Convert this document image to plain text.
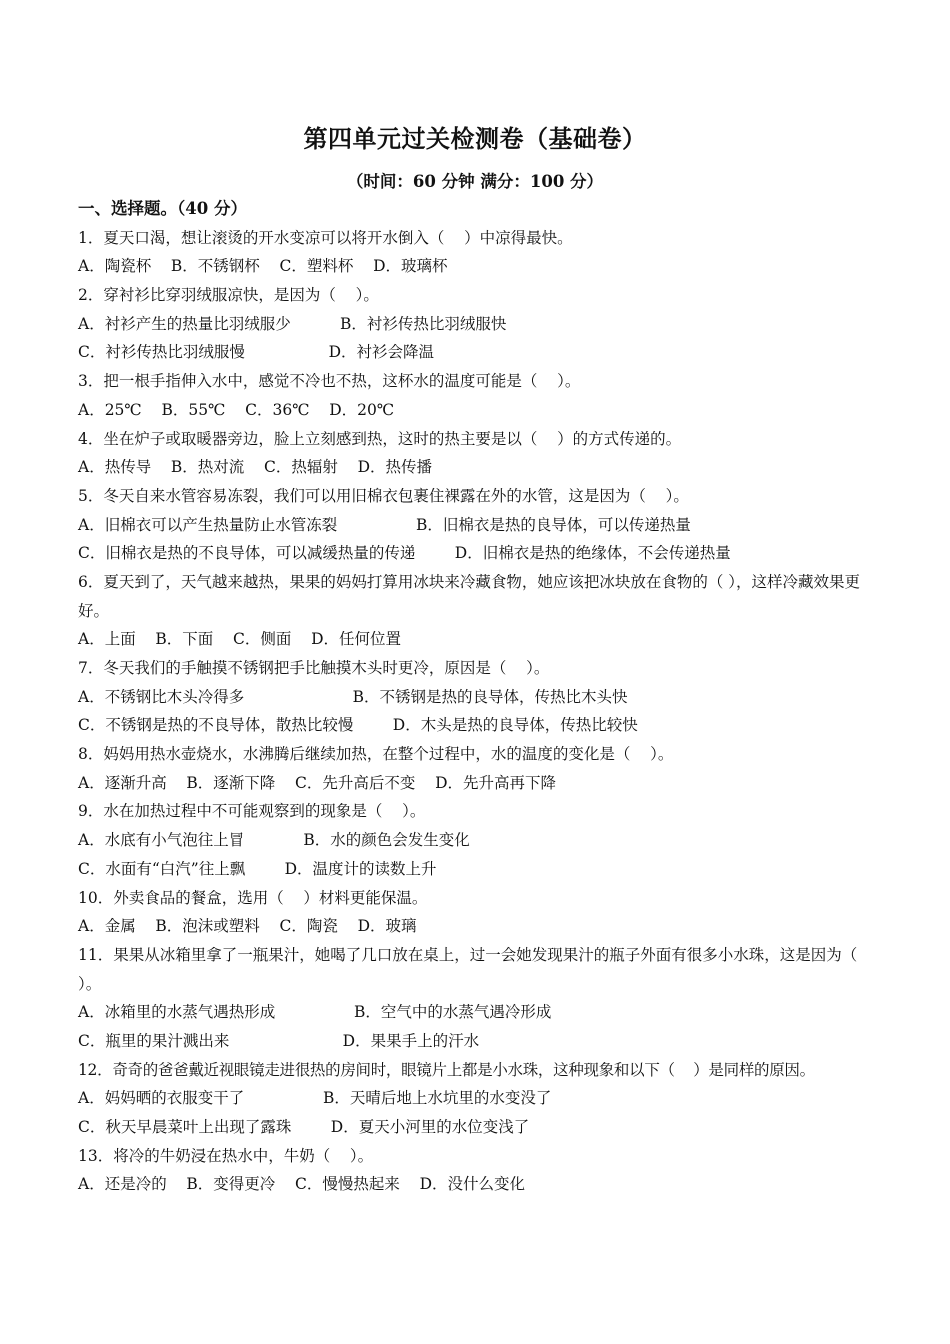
第四单元过关检测卷（基础卷）
（时间：60 分钟 满分：100 分）
一、选择题。（40 分）
1．夏天口渴，想让滚烫的开水变凉可以将开水倒入（    ）中凉得最快。
A．陶瓷杯    B．不锈钢杯    C．塑料杯    D．玻璃杯
2．穿衬衫比穿羽绒服凉快，是因为（    ）。
A．衬衫产生的热量比羽绒服少          B．衬衫传热比羽绒服快
C．衬衫传热比羽绒服慢                 D．衬衫会降温
3．把一根手指伸入水中，感觉不冷也不热，这杯水的温度可能是（    ）。
A．25℃    B．55℃    C．36℃    D．20℃
4．坐在炉子或取暖器旁边，脸上立刻感到热，这时的热主要是以（    ）的方式传递的。
A．热传导    B．热对流    C．热辐射    D．热传播
5．冬天自来水管容易冻裂，我们可以用旧棉衣包裹住裸露在外的水管，这是因为（    ）。
A．旧棉衣可以产生热量防止水管冻裂                B．旧棉衣是热的良导体，可以传递热量
C．旧棉衣是热的不良导体，可以减缓热量的传递        D．旧棉衣是热的绝缘体，不会传递热量
6．夏天到了，天气越来越热，果果的妈妈打算用冰块来冷藏食物，她应该把冰块放在食物的（ ），这样冷藏效果更好。
A．上面    B．下面    C．侧面    D．任何位置
7．冬天我们的手触摸不锈钢把手比触摸木头时更冷，原因是（    ）。
A．不锈钢比木头冷得多                      B．不锈钢是热的良导体，传热比木头快
C．不锈钢是热的不良导体，散热比较慢        D．木头是热的良导体，传热比较快
8．妈妈用热水壶烧水，水沸腾后继续加热，在整个过程中，水的温度的变化是（    ）。
A．逐渐升高    B．逐渐下降    C．先升高后不变    D．先升高再下降
9．水在加热过程中不可能观察到的现象是（    ）。
A．水底有小气泡往上冒            B．水的颜色会发生变化
C．水面有“白汽”往上飘        D．温度计的读数上升
10．外卖食品的餐盒，选用（    ）材料更能保温。
A．金属    B．泡沫或塑料    C．陶瓷    D．玻璃
11．果果从冰箱里拿了一瓶果汁，她喝了几口放在桌上，过一会她发现果汁的瓶子外面有很多小水珠，这是因为（ ）。
A．冰箱里的水蒸气遇热形成                B．空气中的水蒸气遇冷形成
C．瓶里的果汁溅出来                       D．果果手上的汗水
12．奇奇的爸爸戴近视眼镜走进很热的房间时，眼镜片上都是小水珠，这种现象和以下（    ）是同样的原因。
A．妈妈晒的衣服变干了                B．天晴后地上水坑里的水变没了
C．秋天早晨菜叶上出现了露珠        D．夏天小河里的水位变浅了
13．将冷的牛奶浸在热水中，牛奶（    ）。
A．还是冷的    B．变得更冷    C．慢慢热起来    D．没什么变化
